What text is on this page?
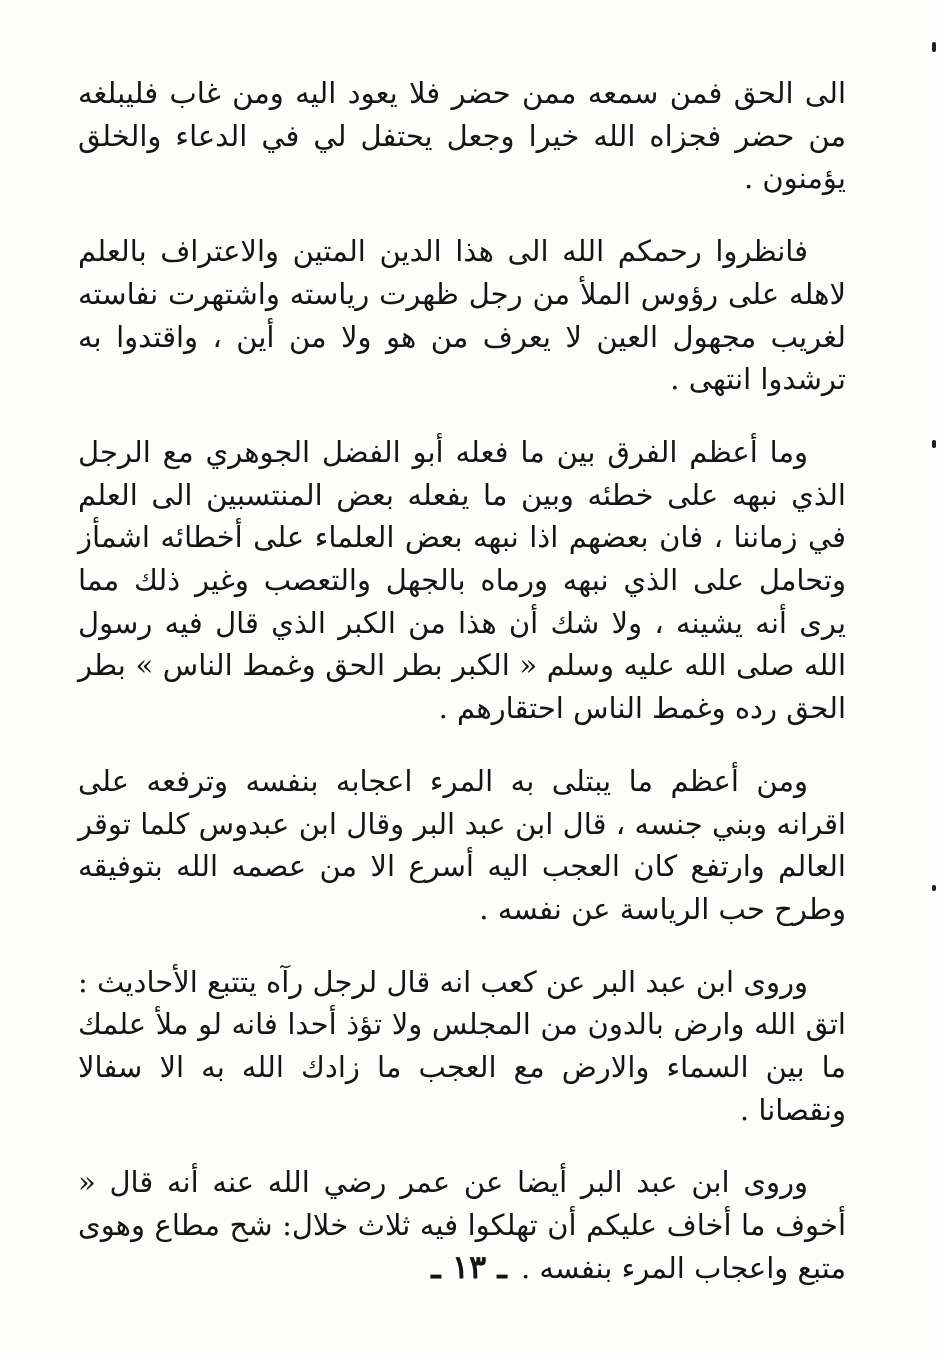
الى الحق فمن سمعه ممن حضر فلا يعود اليه ومن غاب فليبلغه من حضر فجزاه الله خيرا وجعل يحتفل لي في الدعاء والخلق يؤمنون .

فانظروا رحمكم الله الى هذا الدين المتين والاعتراف بالعلم لاهله على رؤوس الملأ من رجل ظهرت رياسته واشتهرت نفاسته لغريب مجهول العين لا يعرف من هو ولا من أين ، واقتدوا به ترشدوا انتهى .

وما أعظم الفرق بين ما فعله أبو الفضل الجوهري مع الرجل الذي نبهه على خطئه وبين ما يفعله بعض المنتسبين الى العلم في زماننا ، فان بعضهم اذا نبهه بعض العلماء على أخطائه اشمأز وتحامل على الذي نبهه ورماه بالجهل والتعصب وغير ذلك مما يرى أنه يشينه ، ولا شك أن هذا من الكبر الذي قال فيه رسول الله صلى الله عليه وسلم « الكبر بطر الحق وغمط الناس » بطر الحق رده وغمط الناس احتقارهم .

ومن أعظم ما يبتلى به المرء اعجابه بنفسه وترفعه على اقرانه وبني جنسه ، قال ابن عبد البر وقال ابن عبدوس كلما توقر العالم وارتفع كان العجب اليه أسرع الا من عصمه الله بتوفيقه وطرح حب الرياسة عن نفسه .

وروى ابن عبد البر عن كعب انه قال لرجل رآه يتتبع الأحاديث : اتق الله وارض بالدون من المجلس ولا تؤذ أحدا فانه لو ملأ علمك ما بين السماء والارض مع العجب ما زادك الله به الا سفالا ونقصانا .

وروى ابن عبد البر أيضا عن عمر رضي الله عنه أنه قال « أخوف ما أخاف عليكم أن تهلكوا فيه ثلاث خلال: شح مطاع وهوى متبع واعجاب المرء بنفسه .

ـ ١٣ ـ
